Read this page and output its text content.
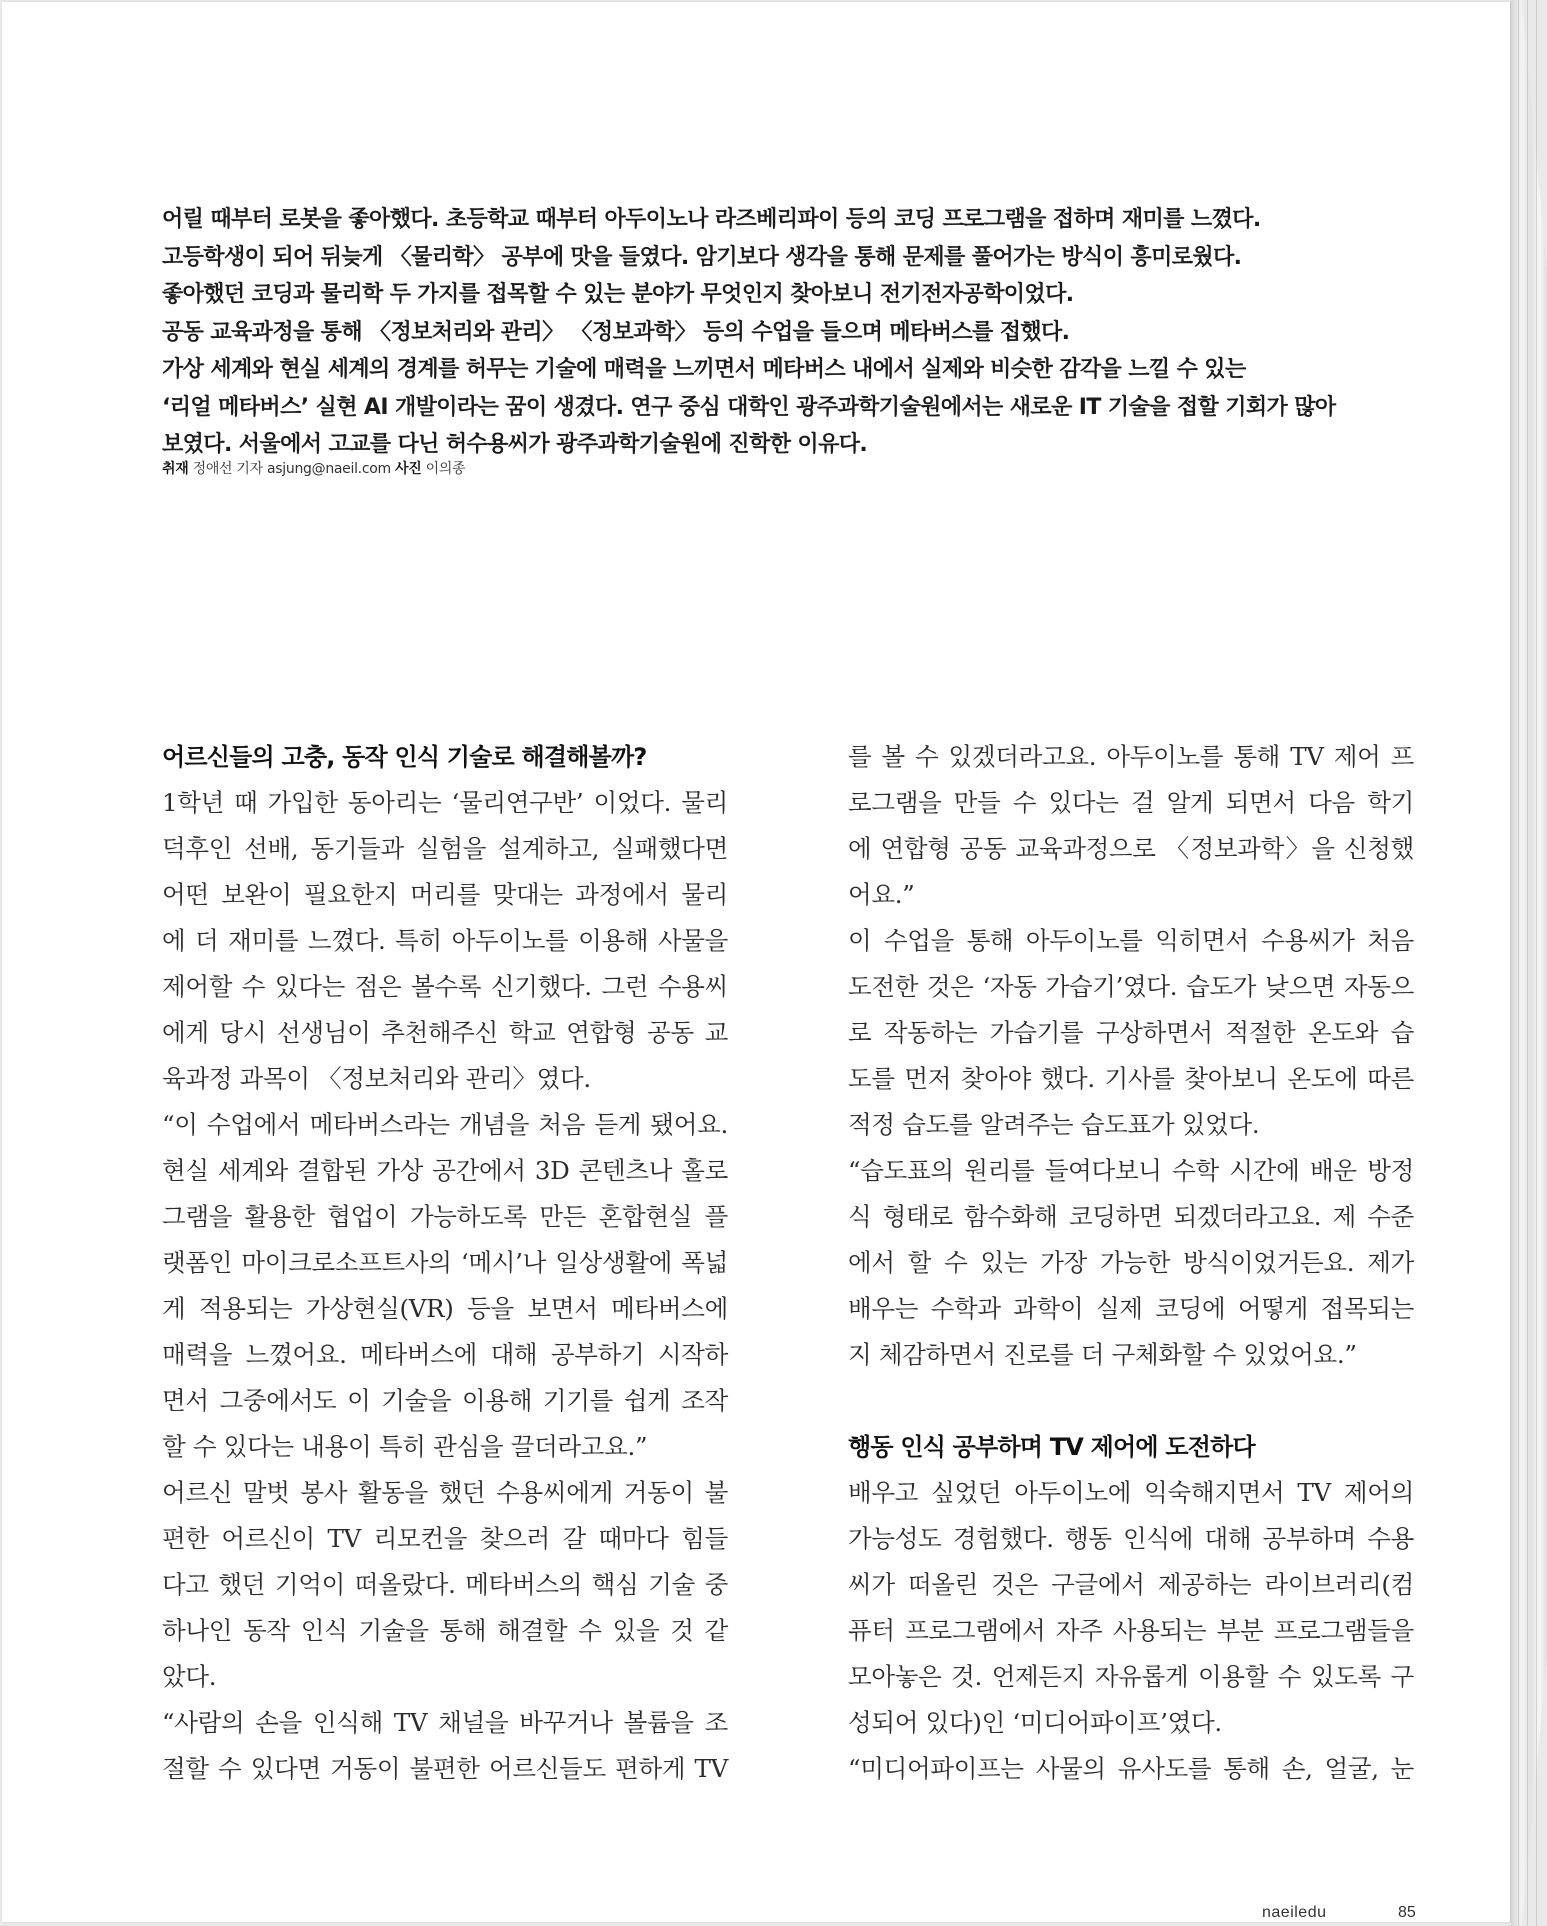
어릴 때부터 로봇을 좋아했다. 초등학교 때부터 아두이노나 라즈베리파이 등의 코딩 프로그램을 접하며 재미를 느꼈다.

고등학생이 되어 뒤늦게 〈물리학〉 공부에 맛을 들였다. 암기보다 생각을 통해 문제를 풀어가는 방식이 흥미로웠다.

좋아했던 코딩과 물리학 두 가지를 접목할 수 있는 분야가 무엇인지 찾아보니 전기전자공학이었다.

공동 교육과정을 통해 〈정보처리와 관리〉 〈정보과학〉 등의 수업을 들으며 메타버스를 접했다.

가상 세계와 현실 세계의 경계를 허무는 기술에 매력을 느끼면서 메타버스 내에서 실제와 비슷한 감각을 느낄 수 있는

‘리얼 메타버스’ 실현 AI 개발이라는 꿈이 생겼다. 연구 중심 대학인 광주과학기술원에서는 새로운 IT 기술을 접할 기회가 많아

보였다. 서울에서 고교를 다닌 허수용씨가 광주과학기술원에 진학한 이유다.

취재 정애선 기자 asjung@naeil.com 사진 이의종
어르신들의 고충, 동작 인식 기술로 해결해볼까?
1학년 때 가입한 동아리는 ‘물리연구반’ 이었다. 물리
덕후인 선배, 동기들과 실험을 설계하고, 실패했다면
어떤 보완이 필요한지 머리를 맞대는 과정에서 물리
에 더 재미를 느꼈다. 특히 아두이노를 이용해 사물을
제어할 수 있다는 점은 볼수록 신기했다. 그런 수용씨
에게 당시 선생님이 추천해주신 학교 연합형 공동 교
육과정 과목이 〈정보처리와 관리〉였다.
“이 수업에서 메타버스라는 개념을 처음 듣게 됐어요.
현실 세계와 결합된 가상 공간에서 3D 콘텐츠나 홀로
그램을 활용한 협업이 가능하도록 만든 혼합현실 플
랫폼인 마이크로소프트사의 ‘메시’나 일상생활에 폭넓
게 적용되는 가상현실(VR) 등을 보면서 메타버스에
매력을 느꼈어요. 메타버스에 대해 공부하기 시작하
면서 그중에서도 이 기술을 이용해 기기를 쉽게 조작
할 수 있다는 내용이 특히 관심을 끌더라고요.”
어르신 말벗 봉사 활동을 했던 수용씨에게 거동이 불
편한 어르신이 TV 리모컨을 찾으러 갈 때마다 힘들
다고 했던 기억이 떠올랐다. 메타버스의 핵심 기술 중
하나인 동작 인식 기술을 통해 해결할 수 있을 것 같
았다.
“사람의 손을 인식해 TV 채널을 바꾸거나 볼륨을 조
절할 수 있다면 거동이 불편한 어르신들도 편하게 TV
를 볼 수 있겠더라고요. 아두이노를 통해 TV 제어 프
로그램을 만들 수 있다는 걸 알게 되면서 다음 학기
에 연합형 공동 교육과정으로 〈정보과학〉을 신청했
어요.”
이 수업을 통해 아두이노를 익히면서 수용씨가 처음
도전한 것은 ‘자동 가습기’였다. 습도가 낮으면 자동으
로 작동하는 가습기를 구상하면서 적절한 온도와 습
도를 먼저 찾아야 했다. 기사를 찾아보니 온도에 따른
적정 습도를 알려주는 습도표가 있었다.
“습도표의 원리를 들여다보니 수학 시간에 배운 방정
식 형태로 함수화해 코딩하면 되겠더라고요. 제 수준
에서 할 수 있는 가장 가능한 방식이었거든요. 제가
배우는 수학과 과학이 실제 코딩에 어떻게 접목되는
지 체감하면서 진로를 더 구체화할 수 있었어요.”
행동 인식 공부하며 TV 제어에 도전하다
배우고 싶었던 아두이노에 익숙해지면서 TV 제어의
가능성도 경험했다. 행동 인식에 대해 공부하며 수용
씨가 떠올린 것은 구글에서 제공하는 라이브러리(컴
퓨터 프로그램에서 자주 사용되는 부분 프로그램들을
모아놓은 것. 언제든지 자유롭게 이용할 수 있도록 구
성되어 있다)인 ‘미디어파이프’였다.
“미디어파이프는 사물의 유사도를 통해 손, 얼굴, 눈
naeiledu	85
